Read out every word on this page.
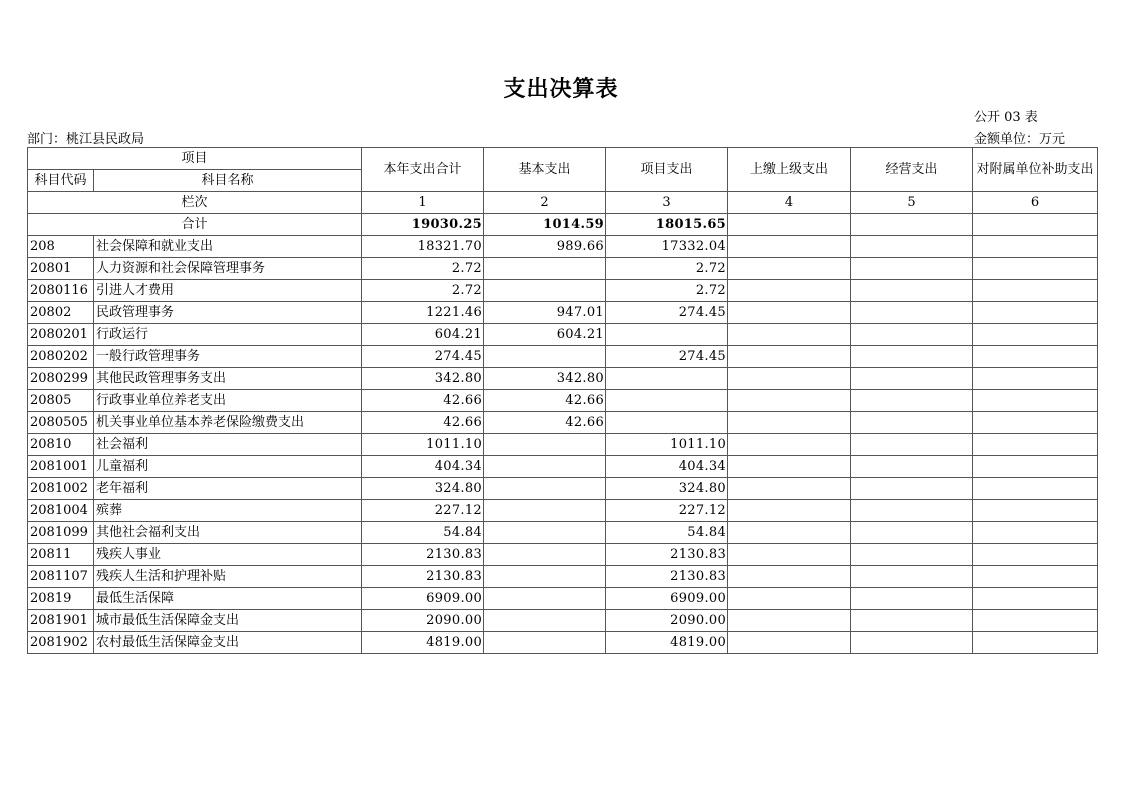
支出决算表
公开 03 表
部门：桃江县民政局	金额单位：万元
项目		本年支出合计	基本支出	项目支出	上缴上级支出	经营支出	对附属单位补助支出
科目代码	科目名称						
栏次		1	2	3	4	5	6
合计		19030.25	1014.59	18015.65			
208	社会保障和就业支出	18321.70	989.66	17332.04			
20801	人力资源和社会保障管理事务	2.72		2.72			
2080116	引进人才费用	2.72		2.72			
20802	民政管理事务	1221.46	947.01	274.45			
2080201	行政运行	604.21	604.21				
2080202	一般行政管理事务	274.45		274.45			
2080299	其他民政管理事务支出	342.80	342.80				
20805	行政事业单位养老支出	42.66	42.66				
2080505	机关事业单位基本养老保险缴费支出	42.66	42.66				
20810	社会福利	1011.10		1011.10			
2081001	儿童福利	404.34		404.34			
2081002	老年福利	324.80		324.80			
2081004	殡葬	227.12		227.12			
2081099	其他社会福利支出	54.84		54.84			
20811	残疾人事业	2130.83		2130.83			
2081107	残疾人生活和护理补贴	2130.83		2130.83			
20819	最低生活保障	6909.00		6909.00			
2081901	城市最低生活保障金支出	2090.00		2090.00			
2081902	农村最低生活保障金支出	4819.00		4819.00			
